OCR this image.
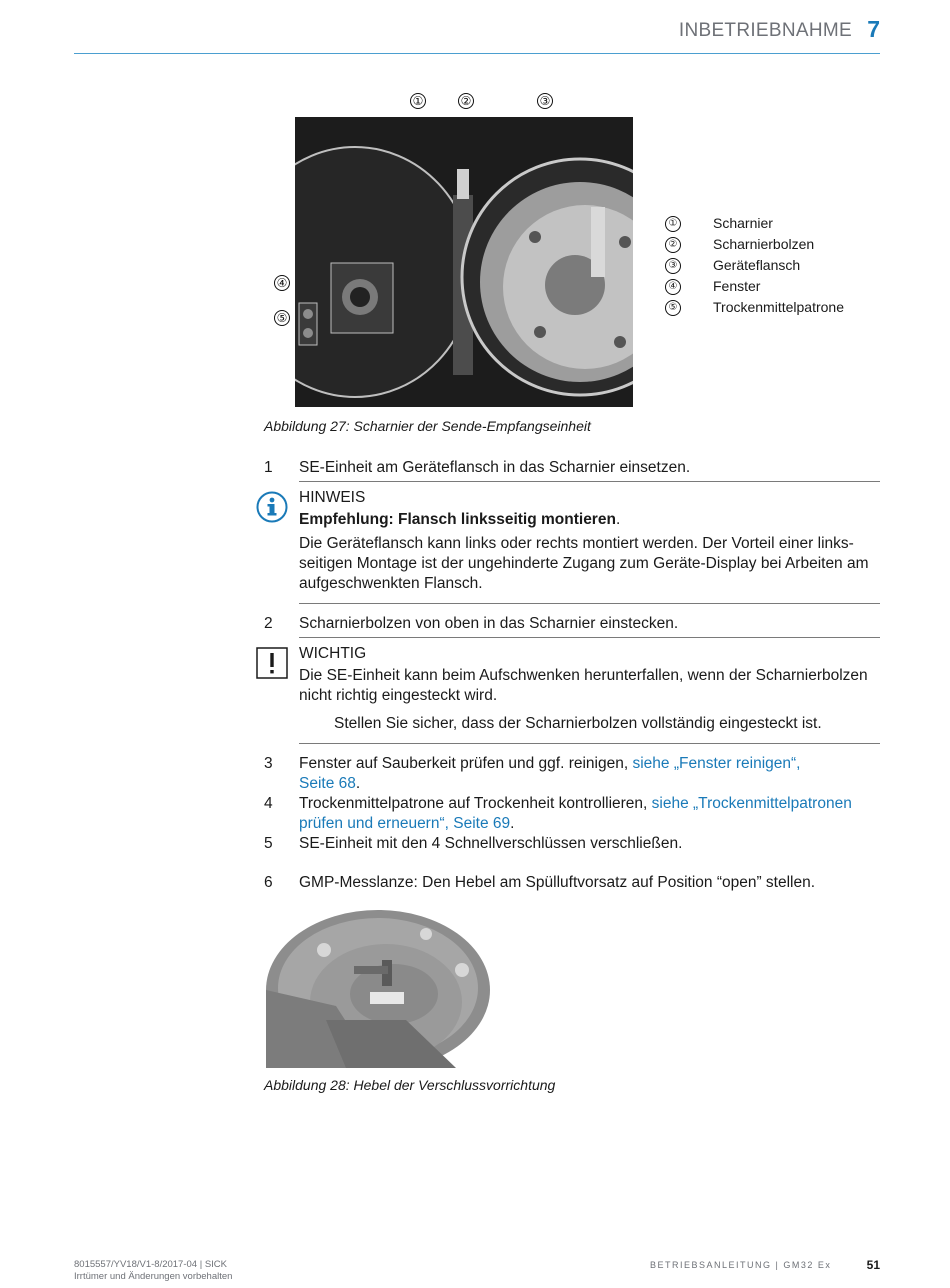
INBETRIEBNAHME 7
①	②	③
④
⑤
①	Scharnier
②	Scharnierbolzen
③	Geräteflansch
④	Fenster
⑤	Trockenmittelpatrone
Abbildung 27: Scharnier der Sende-Empfangseinheit
1 SE-Einheit am Geräteflansch in das Scharnier einsetzen.
HINWEIS
Empfehlung: Flansch linksseitig montieren.
Die Geräteflansch kann links oder rechts montiert werden. Der Vorteil einer links-seitigen Montage ist der ungehinderte Zugang zum Geräte-Display bei Arbeiten am aufgeschwenkten Flansch.
2 Scharnierbolzen von oben in das Scharnier einstecken.
WICHTIG
Die SE-Einheit kann beim Aufschwenken herunterfallen, wenn der Scharnierbolzen nicht richtig eingesteckt wird.
Stellen Sie sicher, dass der Scharnierbolzen vollständig eingesteckt ist.
3 Fenster auf Sauberkeit prüfen und ggf. reinigen, siehe „Fenster reinigen“, Seite 68.
4 Trockenmittelpatrone auf Trockenheit kontrollieren, siehe „Trockenmittelpatronen prüfen und erneuern“, Seite 69.
5 SE-Einheit mit den 4 Schnellverschlüssen verschließen.
6 GMP-Messlanze: Den Hebel am Spülluftvorsatz auf Position “open” stellen.
Abbildung 28: Hebel der Verschlussvorrichtung
8015557/YV18/V1-8/2017-04 | SICK
Irrtümer und Änderungen vorbehalten
BETRIEBSANLEITUNG | GM32 Ex	51
